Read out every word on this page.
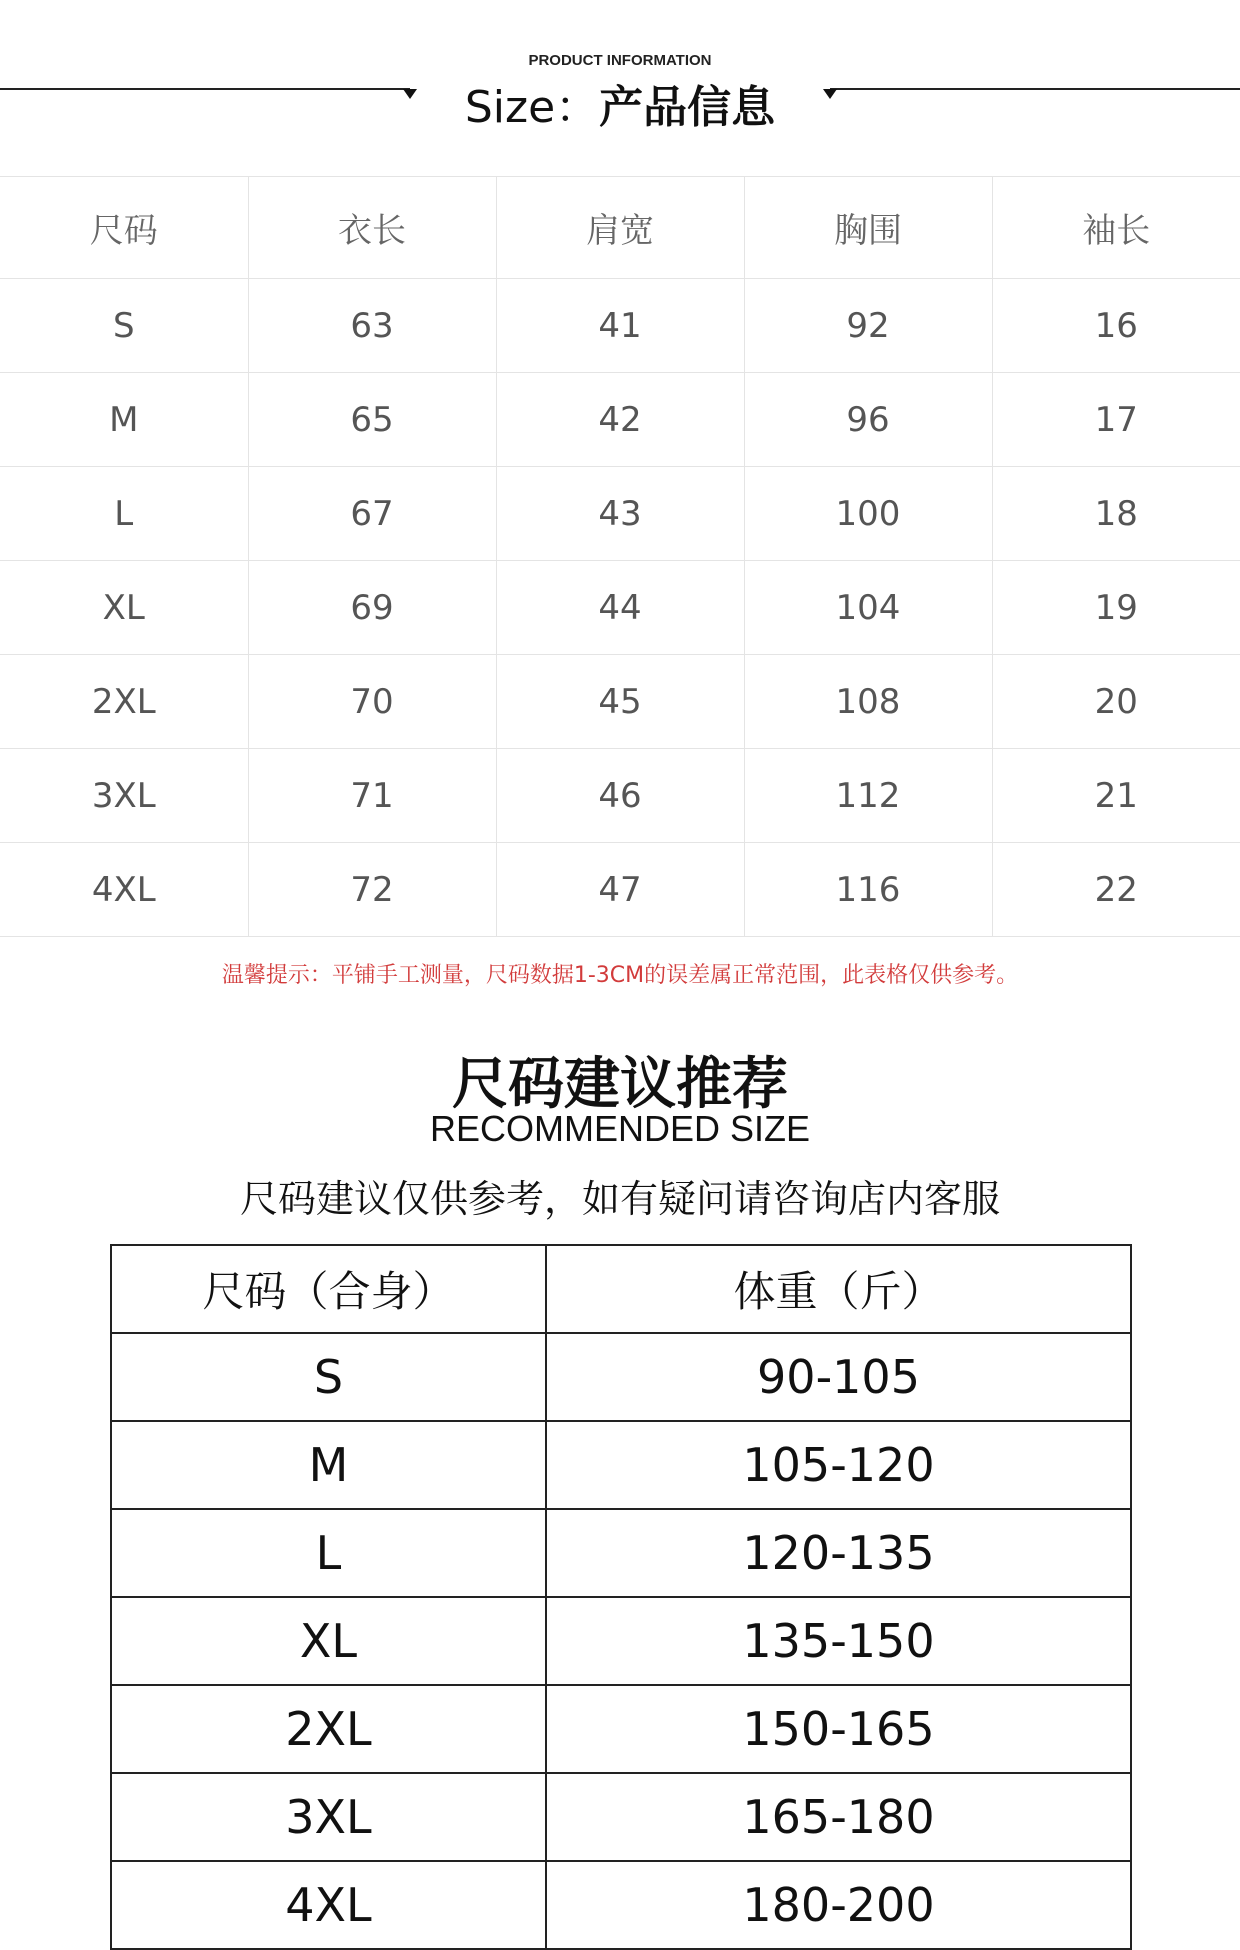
PRODUCT INFORMATION
Size：产品信息
尺码	衣长	肩宽	胸围	袖长
S	63	41	92	16
M	65	42	96	17
L	67	43	100	18
XL	69	44	104	19
2XL	70	45	108	20
3XL	71	46	112	21
4XL	72	47	116	22
温馨提示：平铺手工测量，尺码数据1-3CM的误差属正常范围，此表格仅供参考。
尺码建议推荐
RECOMMENDED SIZE
尺码建议仅供参考，如有疑问请咨询店内客服
尺码（合身）	体重（斤）
S	90-105
M	105-120
L	120-135
XL	135-150
2XL	150-165
3XL	165-180
4XL	180-200
